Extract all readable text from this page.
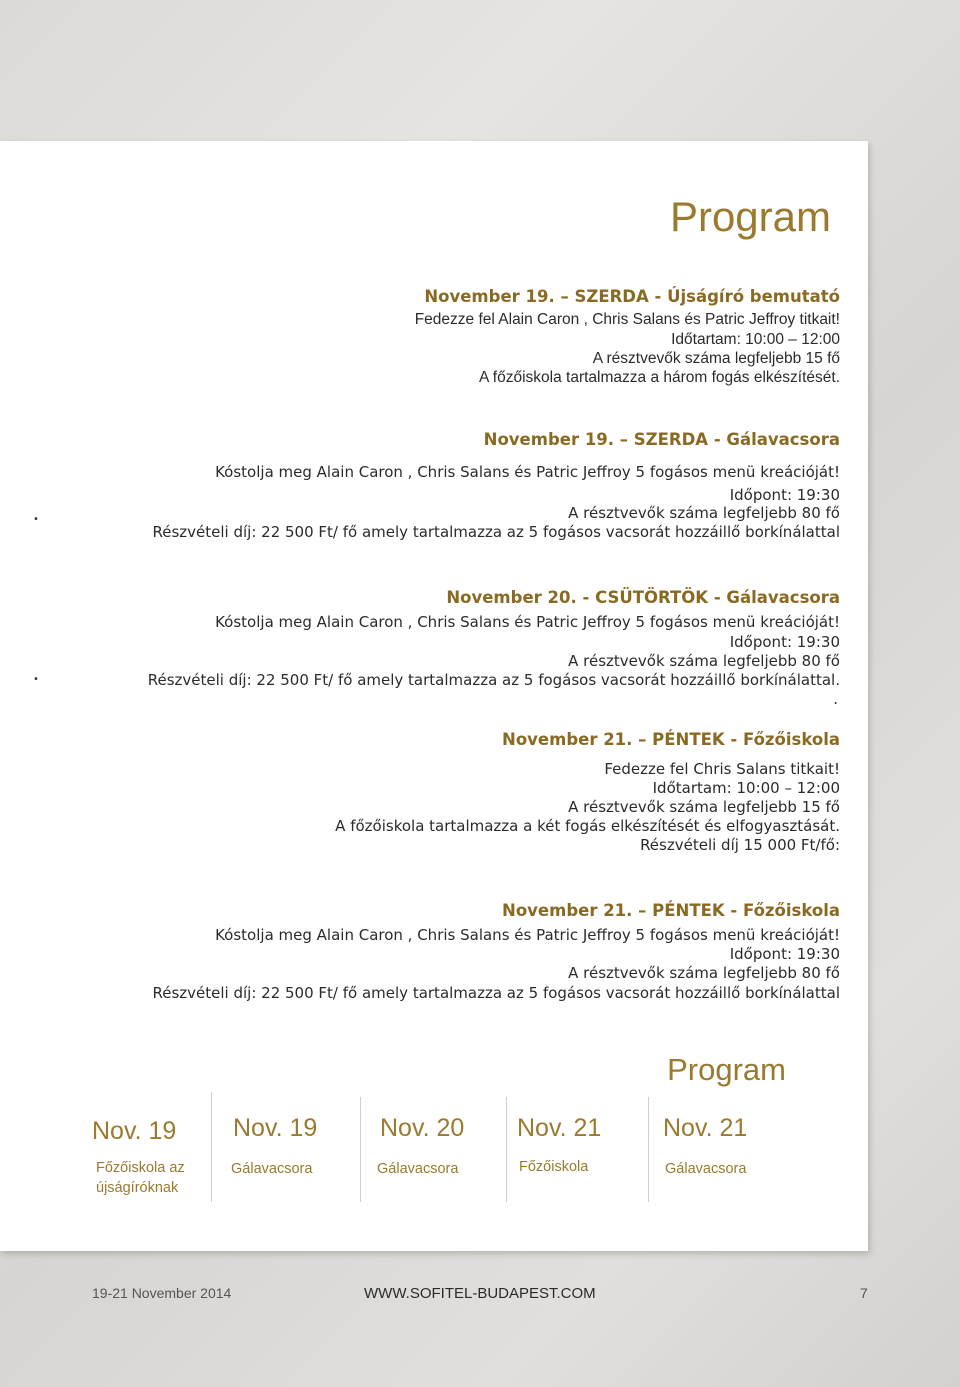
Program
November 19. – SZERDA - Újságíró bemutató
Fedezze fel Alain Caron , Chris Salans és Patric Jeffroy titkait!
Időtartam: 10:00 – 12:00
A résztvevők száma legfeljebb 15 fő
A főzőiskola tartalmazza a három fogás elkészítését.
November 19. – SZERDA - Gálavacsora
Kóstolja meg Alain Caron , Chris Salans és Patric Jeffroy 5 fogásos menü kreációját!
Időpont: 19:30
A résztvevők száma legfeljebb 80 fő
•
Részvételi díj: 22 500 Ft/ fő amely tartalmazza az 5 fogásos vacsorát hozzáillő borkínálattal
November 20. - CSÜTÖRTÖK - Gálavacsora
Kóstolja meg Alain Caron , Chris Salans és Patric Jeffroy 5 fogásos menü kreációját!
Időpont: 19:30
A résztvevők száma legfeljebb 80 fő
•	Részvételi díj: 22 500 Ft/ fő amely tartalmazza az 5 fogásos vacsorát hozzáillő borkínálattal.
.
November 21. – PÉNTEK - Főzőiskola
Fedezze fel Chris Salans titkait!
Időtartam: 10:00 – 12:00
A résztvevők száma legfeljebb 15 fő
A főzőiskola tartalmazza a két fogás elkészítését és elfogyasztását.
Részvételi díj 15 000 Ft/fő:
November 21. – PÉNTEK - Főzőiskola
Kóstolja meg Alain Caron , Chris Salans és Patric Jeffroy 5 fogásos menü kreációját!
Időpont: 19:30
A résztvevők száma legfeljebb 80 fő
Részvételi díj: 22 500 Ft/ fő amely tartalmazza az 5 fogásos vacsorát hozzáillő borkínálattal
Program
Nov. 19
Főzőiskola az újságíróknak
Nov. 19
Gálavacsora
Nov. 20
Gálavacsora
Nov. 21
Főzőiskola
Nov. 21
Gálavacsora
19-21 November 2014	WWW.SOFITEL-BUDAPEST.COM	7
